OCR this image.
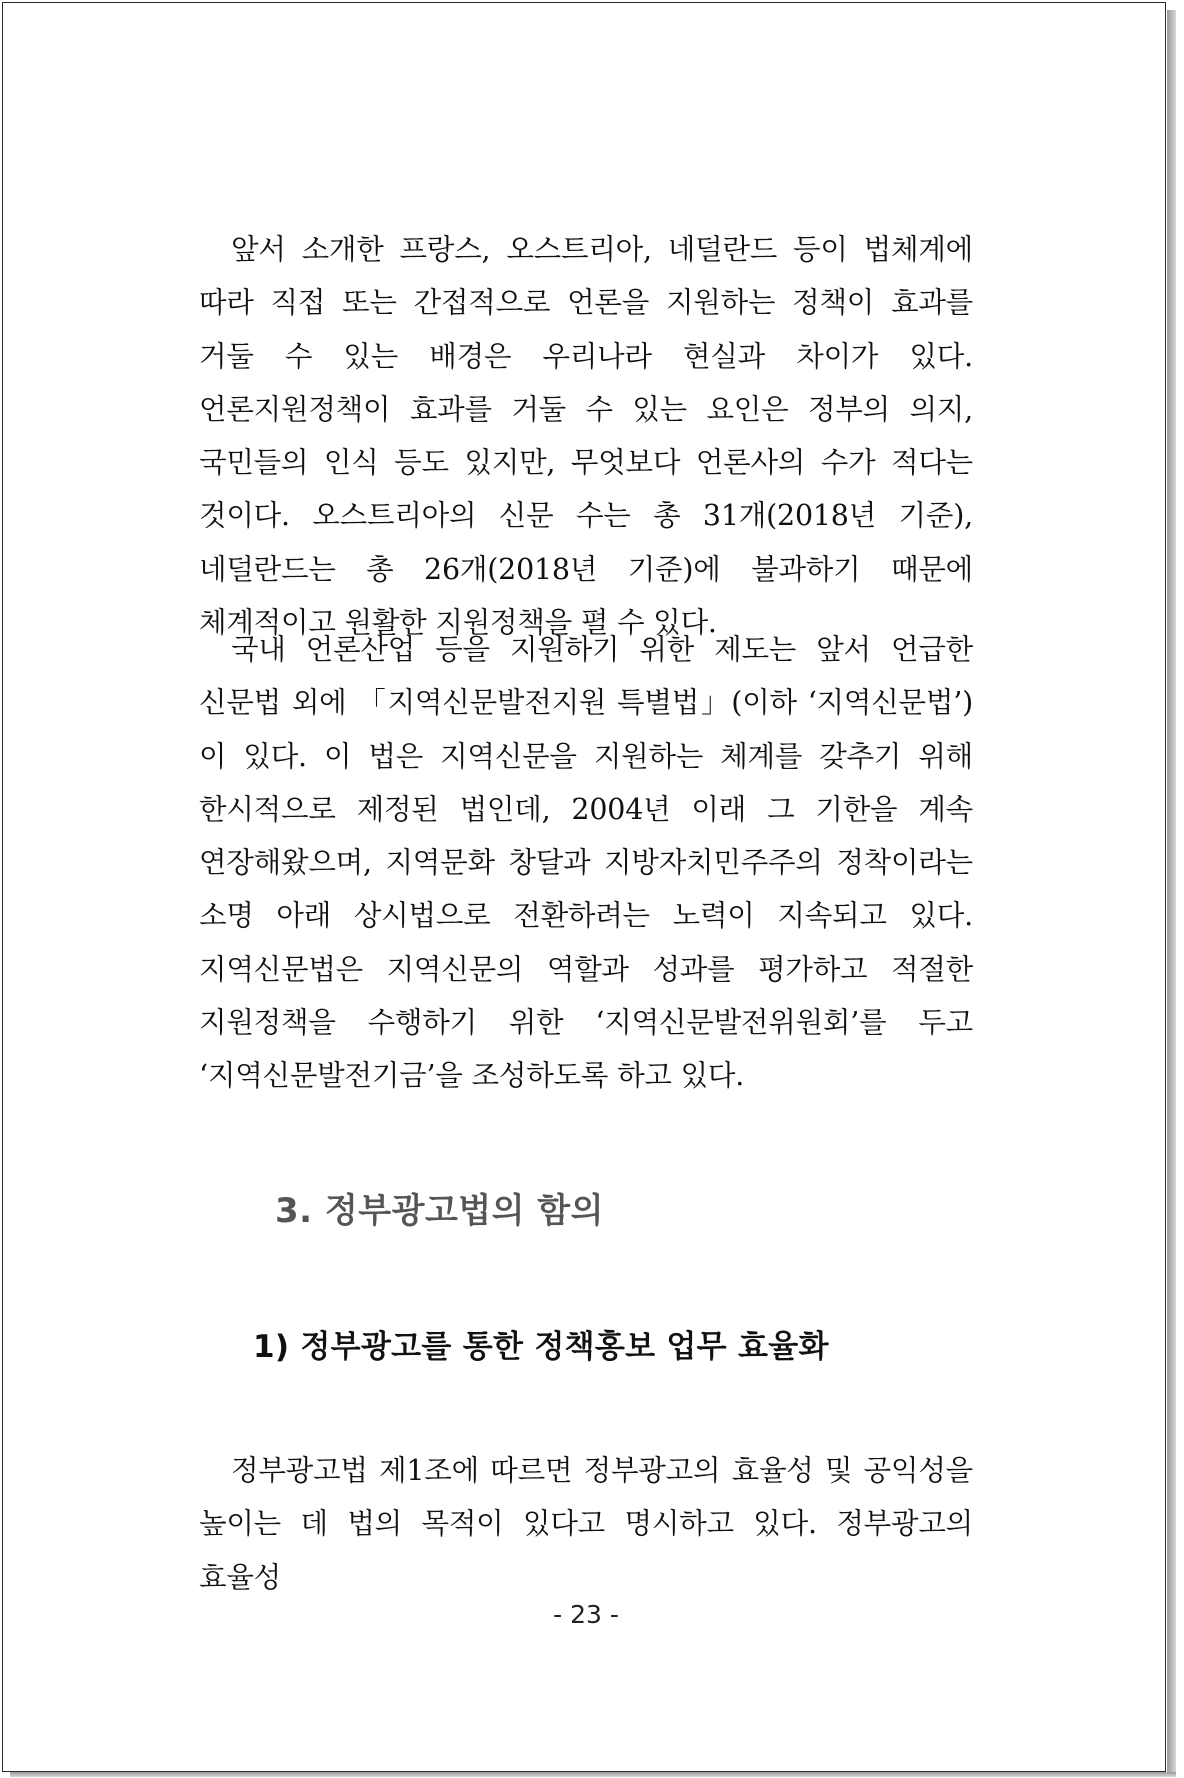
앞서 소개한 프랑스, 오스트리아, 네덜란드 등이 법체계에 따라 직접 또는 간접적으로 언론을 지원하는 정책이 효과를 거둘 수 있는 배경은 우리나라 현실과 차이가 있다. 언론지원정책이 효과를 거둘 수 있는 요인은 정부의 의지, 국민들의 인식 등도 있지만, 무엇보다 언론사의 수가 적다는 것이다. 오스트리아의 신문 수는 총 31개(2018년 기준), 네덜란드는 총 26개(2018년 기준)에 불과하기 때문에 체계적이고 원활한 지원정책을 펼 수 있다.

국내 언론산업 등을 지원하기 위한 제도는 앞서 언급한 신문법 외에 「지역신문발전지원 특별법」(이하 ‘지역신문법’)이 있다. 이 법은 지역신문을 지원하는 체계를 갖추기 위해 한시적으로 제정된 법인데, 2004년 이래 그 기한을 계속 연장해왔으며, 지역문화 창달과 지방자치민주주의 정착이라는 소명 아래 상시법으로 전환하려는 노력이 지속되고 있다. 지역신문법은 지역신문의 역할과 성과를 평가하고 적절한 지원정책을 수행하기 위한 ‘지역신문발전위원회’를 두고 ‘지역신문발전기금’을 조성하도록 하고 있다.

3. 정부광고법의 함의
1) 정부광고를 통한 정책홍보 업무 효율화

정부광고법 제1조에 따르면 정부광고의 효율성 및 공익성을 높이는 데 법의 목적이 있다고 명시하고 있다. 정부광고의 효율성

- 23 -
